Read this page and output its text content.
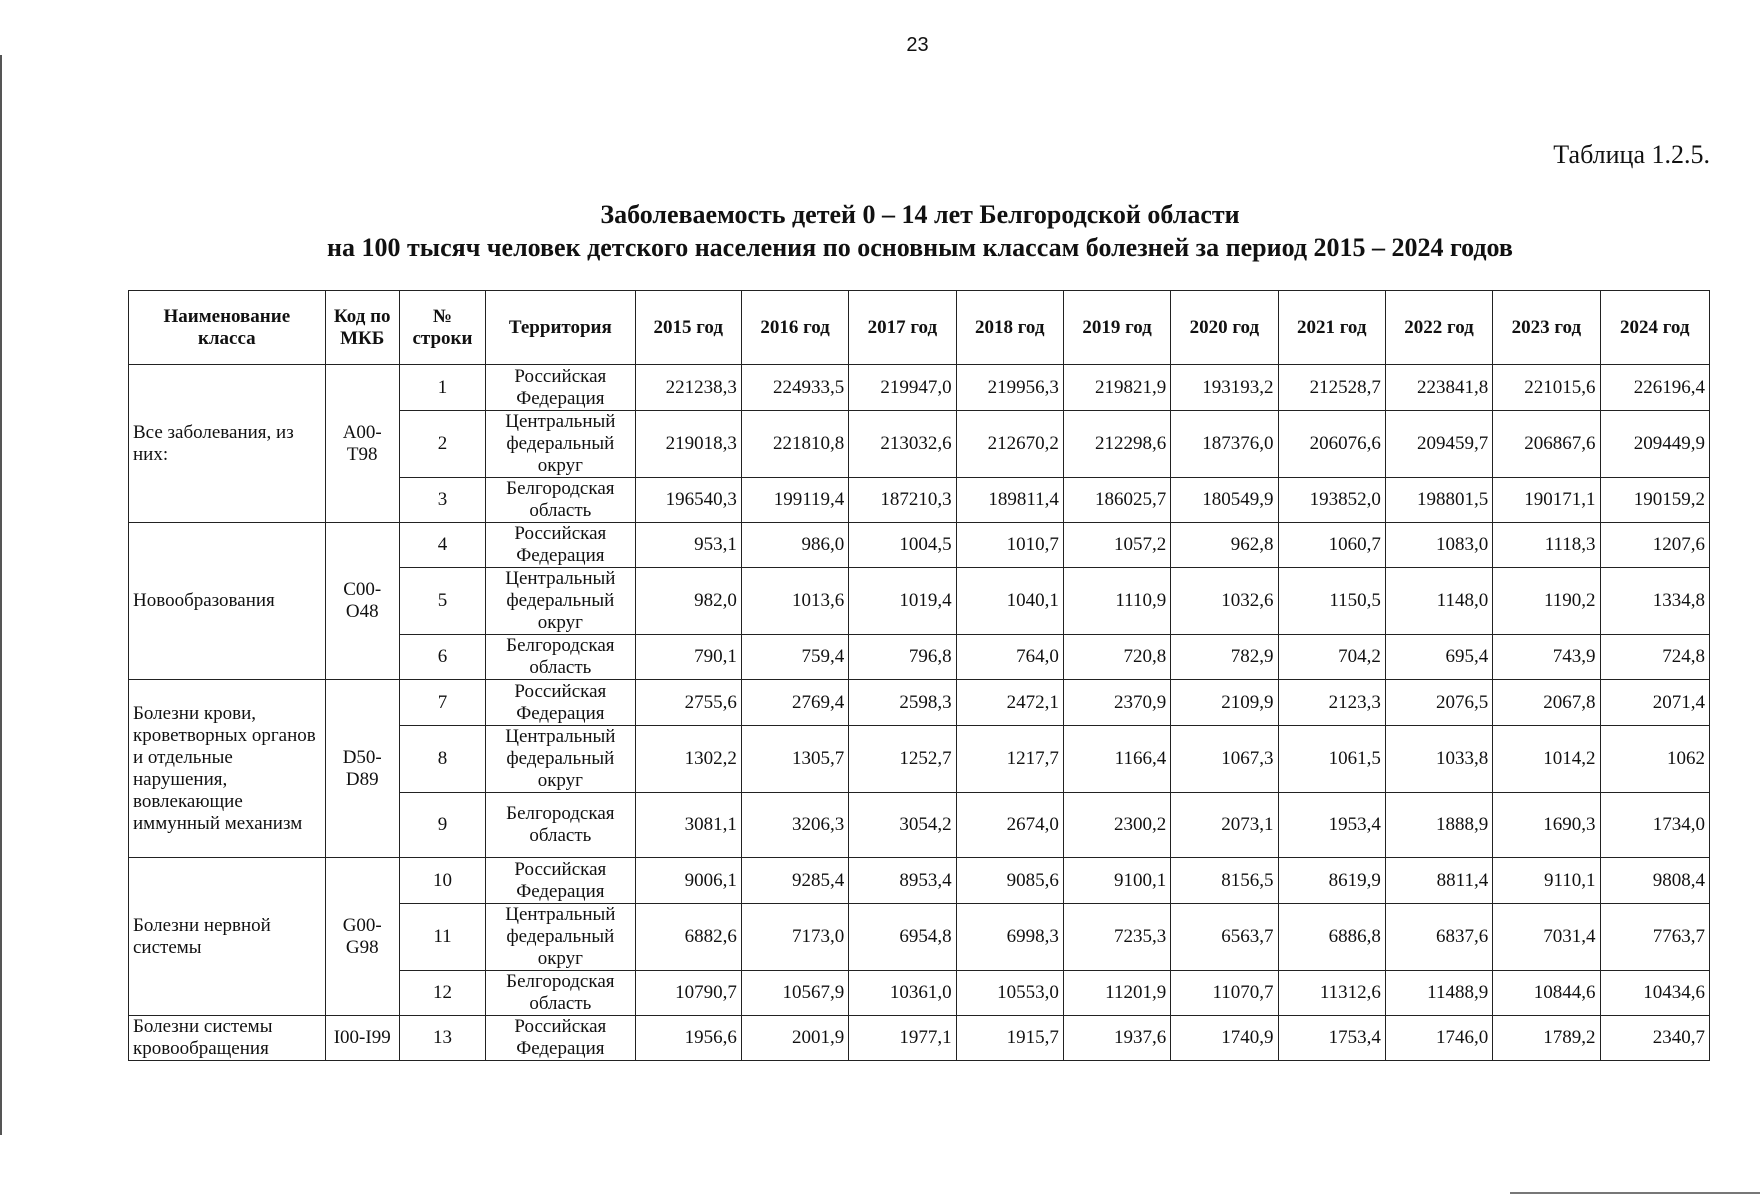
23
Таблица 1.2.5.
Заболеваемость детей 0 – 14 лет Белгородской области
на 100 тысяч человек детского населения по основным классам болезней за период 2015 – 2024 годов
Наименование класса	Код по МКБ	№ строки	Территория	2015 год	2016 год	2017 год	2018 год	2019 год	2020 год	2021 год	2022 год	2023 год	2024 год
Все заболевания, из них:	А00-Т98	1	Российская Федерация	221238,3	224933,5	219947,0	219956,3	219821,9	193193,2	212528,7	223841,8	221015,6	226196,4
		2	Центральный федеральный округ	219018,3	221810,8	213032,6	212670,2	212298,6	187376,0	206076,6	209459,7	206867,6	209449,9
		3	Белгородская область	196540,3	199119,4	187210,3	189811,4	186025,7	180549,9	193852,0	198801,5	190171,1	190159,2
Новообразования	С00-О48	4	Российская Федерация	953,1	986,0	1004,5	1010,7	1057,2	962,8	1060,7	1083,0	1118,3	1207,6
		5	Центральный федеральный округ	982,0	1013,6	1019,4	1040,1	1110,9	1032,6	1150,5	1148,0	1190,2	1334,8
		6	Белгородская область	790,1	759,4	796,8	764,0	720,8	782,9	704,2	695,4	743,9	724,8
Болезни крови, кроветворных органов и отдельные нарушения, вовлекающие иммунный механизм	D50-D89	7	Российская Федерация	2755,6	2769,4	2598,3	2472,1	2370,9	2109,9	2123,3	2076,5	2067,8	2071,4
		8	Центральный федеральный округ	1302,2	1305,7	1252,7	1217,7	1166,4	1067,3	1061,5	1033,8	1014,2	1062
		9	Белгородская область	3081,1	3206,3	3054,2	2674,0	2300,2	2073,1	1953,4	1888,9	1690,3	1734,0
Болезни нервной системы	G00-G98	10	Российская Федерация	9006,1	9285,4	8953,4	9085,6	9100,1	8156,5	8619,9	8811,4	9110,1	9808,4
		11	Центральный федеральный округ	6882,6	7173,0	6954,8	6998,3	7235,3	6563,7	6886,8	6837,6	7031,4	7763,7
		12	Белгородская область	10790,7	10567,9	10361,0	10553,0	11201,9	11070,7	11312,6	11488,9	10844,6	10434,6
Болезни системы кровообращения	I00-I99	13	Российская Федерация	1956,6	2001,9	1977,1	1915,7	1937,6	1740,9	1753,4	1746,0	1789,2	2340,7
